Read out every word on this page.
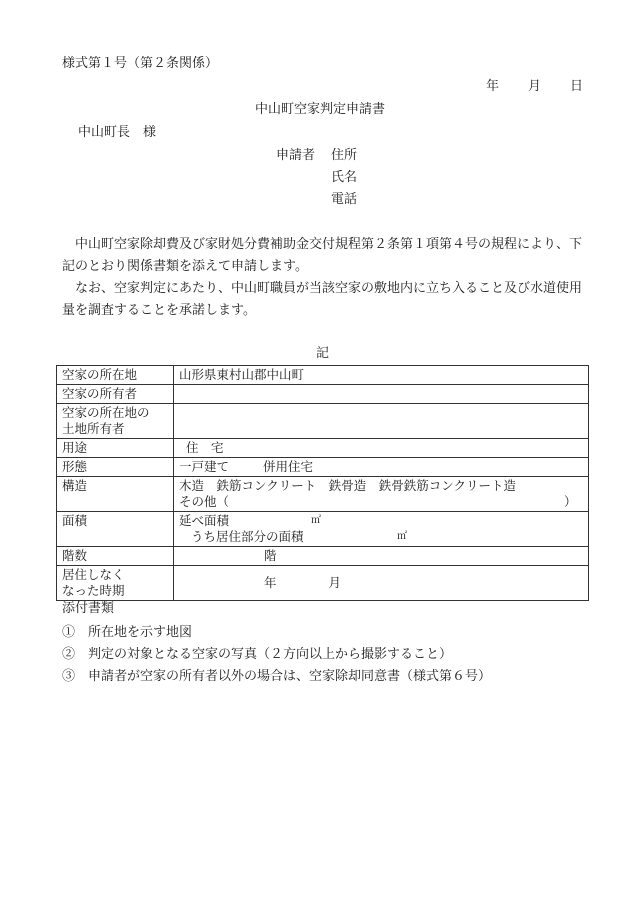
様式第１号（第２条関係）
年 月 日
中山町空家判定申請書
中山町長　様
申請者 住所
氏名
電話

中山町空家除却費及び家財処分費補助金交付規程第２条第１項第４号の規程により、下記のとおり関係書類を添えて申請します。

なお、空家判定にあたり、中山町職員が当該空家の敷地内に立ち入ること及び水道使用量を調査することを承諾します。

記
空家の所在地	山形県東村山郡中山町
空家の所有者	

空家の所在地の
土地所有者	

用途	住　宅
形態	一戸建て 併用住宅
構造	木造　鉄筋コンクリート　鉄骨造　鉄骨鉄筋コンクリート造
その他（ ）

面積	延べ面積 ㎡
うち居住部分の面積 ㎡

階数	階

居住しなく
なった時期	年 月
添付書類
①　所在地を示す地図
②　判定の対象となる空家の写真（２方向以上から撮影すること）
③　申請者が空家の所有者以外の場合は、空家除却同意書（様式第６号）
